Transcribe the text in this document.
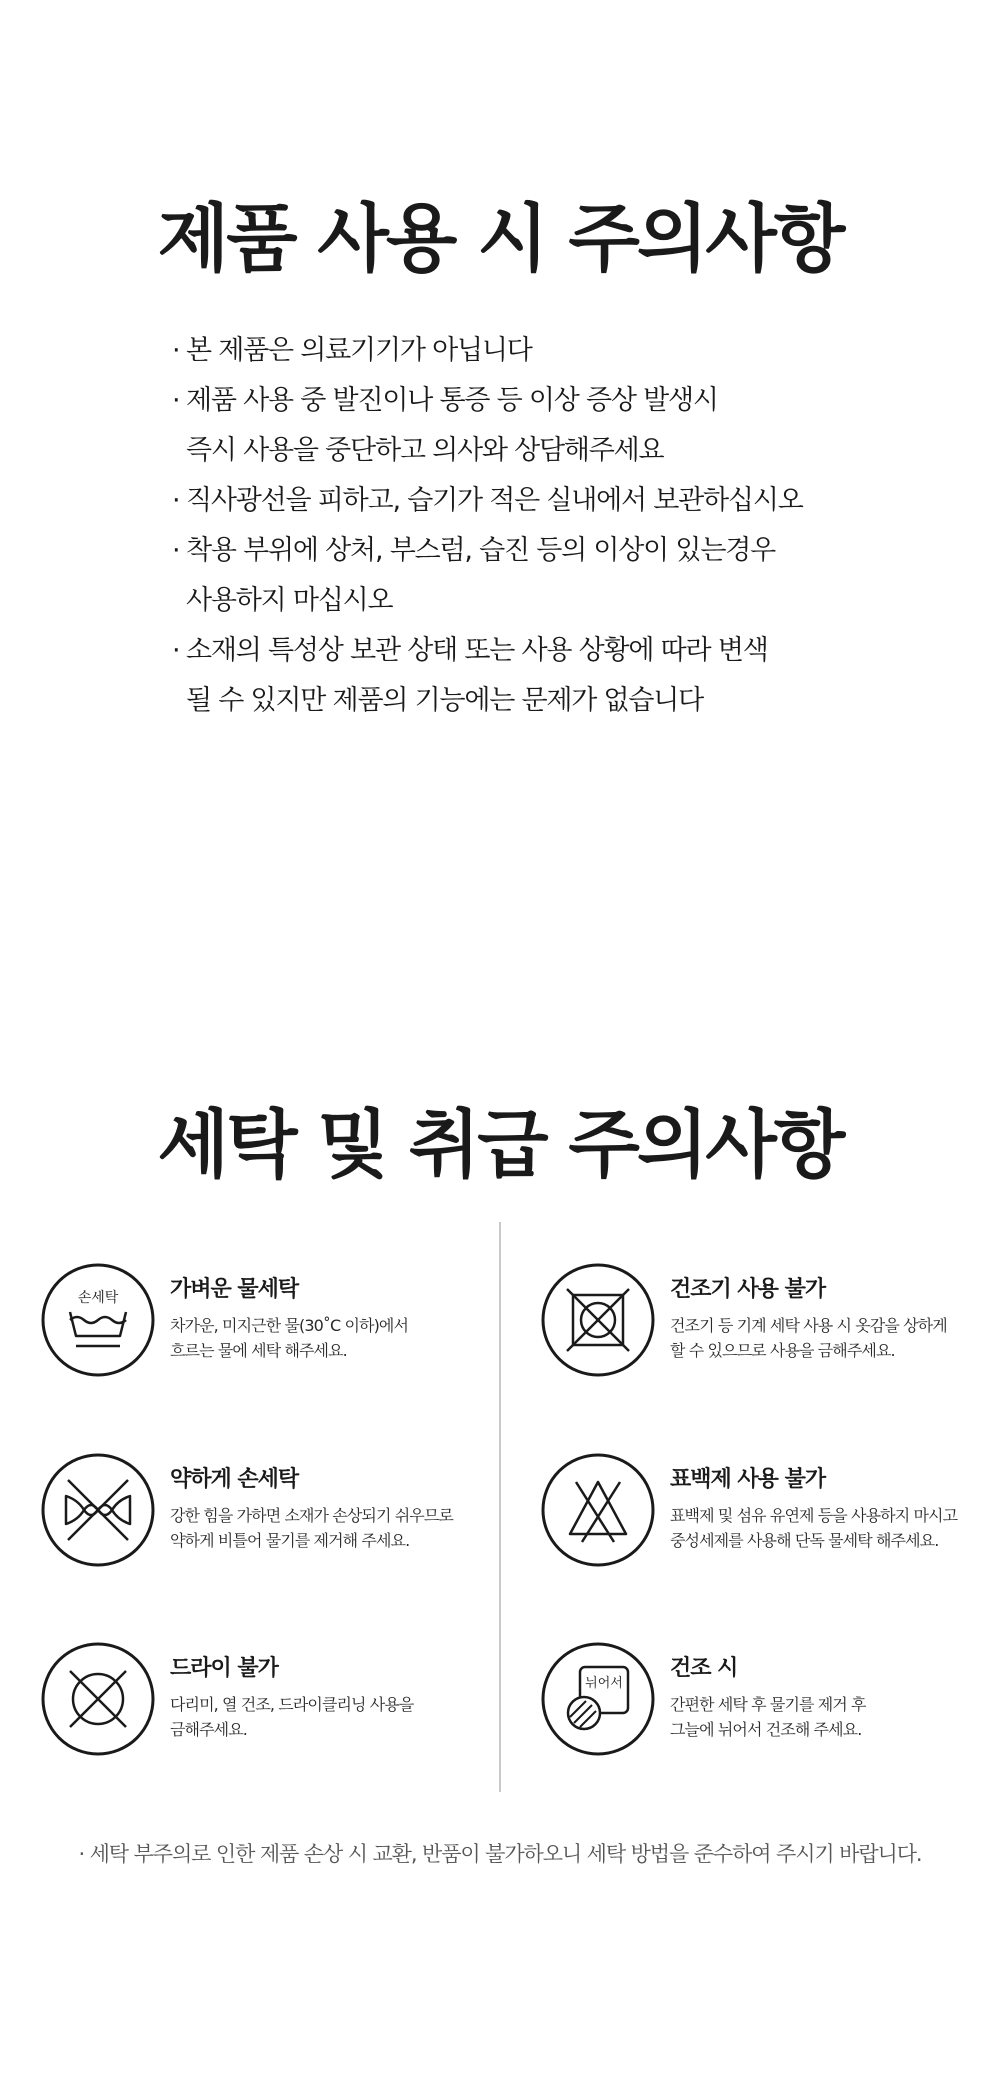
제품 사용 시 주의사항
· 본 제품은 의료기기가 아닙니다
· 제품 사용 중 발진이나 통증 등 이상 증상 발생시
즉시 사용을 중단하고 의사와 상담해주세요
· 직사광선을 피하고, 습기가 적은 실내에서 보관하십시오
· 착용 부위에 상처, 부스럼, 습진 등의 이상이 있는경우
사용하지 마십시오
· 소재의 특성상 보관 상태 또는 사용 상황에 따라 변색
될 수 있지만 제품의 기능에는 문제가 없습니다
세탁 및 취급 주의사항
손세탁 가벼운 물세탁

차가운, 미지근한 물(30˚C 이하)에서
흐르는 물에 세탁 해주세요.

건조기 사용 불가

건조기 등 기계 세탁 사용 시 옷감을 상하게
할 수 있으므로 사용을 금해주세요.

약하게 손세탁

강한 힘을 가하면 소재가 손상되기 쉬우므로
약하게 비틀어 물기를 제거해 주세요.

표백제 사용 불가

표백제 및 섬유 유연제 등을 사용하지 마시고
중성세제를 사용해 단독 물세탁 해주세요.

드라이 불가

다리미, 열 건조, 드라이클리닝 사용을
금해주세요.

뉘어서

건조 시

간편한 세탁 후 물기를 제거 후
그늘에 뉘어서 건조해 주세요.

· 세탁 부주의로 인한 제품 손상 시 교환, 반품이 불가하오니 세탁 방법을 준수하여 주시기 바랍니다.
